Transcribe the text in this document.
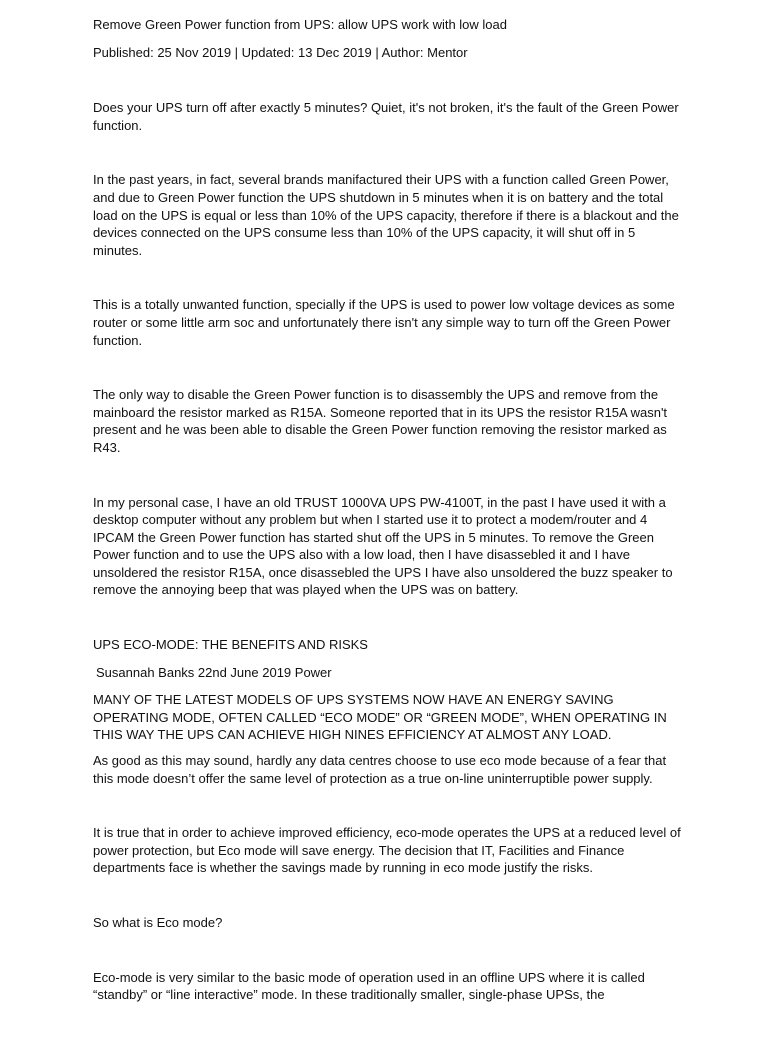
Remove Green Power function from UPS: allow UPS work with low load

Published: 25 Nov 2019 | Updated: 13 Dec 2019 | Author: Mentor

Does your UPS turn off after exactly 5 minutes? Quiet, it's not broken, it's the fault of the Green Power function.

In the past years, in fact, several brands manifactured their UPS with a function called Green Power, and due to Green Power function the UPS shutdown in 5 minutes when it is on battery and the total load on the UPS is equal or less than 10% of the UPS capacity, therefore if there is a blackout and the devices connected on the UPS consume less than 10% of the UPS capacity, it will shut off in 5 minutes.

This is a totally unwanted function, specially if the UPS is used to power low voltage devices as some router or some little arm soc and unfortunately there isn't any simple way to turn off the Green Power function.

The only way to disable the Green Power function is to disassembly the UPS and remove from the mainboard the resistor marked as R15A. Someone reported that in its UPS the resistor R15A wasn't present and he was been able to disable the Green Power function removing the resistor marked as R43.

In my personal case, I have an old TRUST 1000VA UPS PW-4100T, in the past I have used it with a desktop computer without any problem but when I started use it to protect a modem/router and 4 IPCAM the Green Power function has started shut off the UPS in 5 minutes. To remove the Green Power function and to use the UPS also with a low load, then I have disassebled it and I have unsoldered the resistor R15A, once disassebled the UPS I have also unsoldered the buzz speaker to remove the annoying beep that was played when the UPS was on battery.

UPS ECO-MODE: THE BENEFITS AND RISKS

Susannah Banks 22nd June 2019 Power

MANY OF THE LATEST MODELS OF UPS SYSTEMS NOW HAVE AN ENERGY SAVING OPERATING MODE, OFTEN CALLED “ECO MODE” OR “GREEN MODE”, WHEN OPERATING IN THIS WAY THE UPS CAN ACHIEVE HIGH NINES EFFICIENCY AT ALMOST ANY LOAD.

As good as this may sound, hardly any data centres choose to use eco mode because of a fear that this mode doesn’t offer the same level of protection as a true on-line uninterruptible power supply.

It is true that in order to achieve improved efficiency, eco-mode operates the UPS at a reduced level of power protection, but Eco mode will save energy. The decision that IT, Facilities and Finance departments face is whether the savings made by running in eco mode justify the risks.

So what is Eco mode?

Eco-mode is very similar to the basic mode of operation used in an offline UPS where it is called “standby” or “line interactive” mode. In these traditionally smaller, single-phase UPSs, the
